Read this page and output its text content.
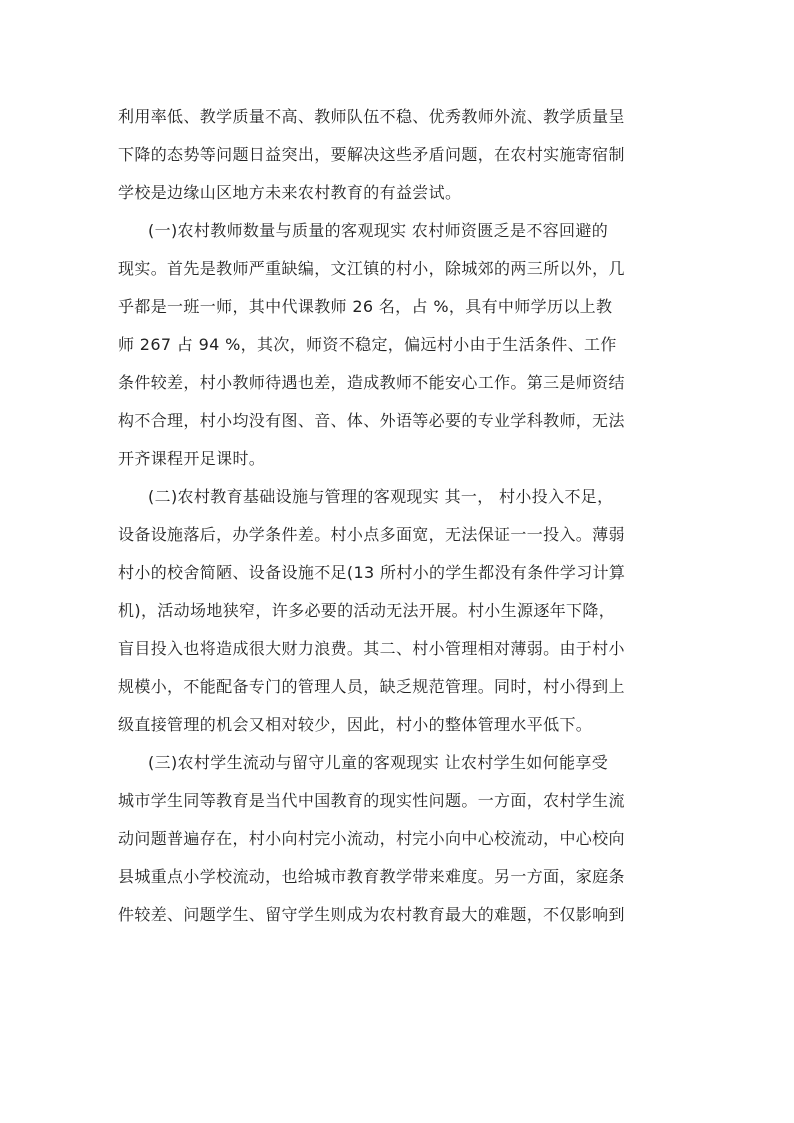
利用率低、教学质量不高、教师队伍不稳、优秀教师外流、教学质量呈
下降的态势等问题日益突出，要解决这些矛盾问题，在农村实施寄宿制
学校是边缘山区地方未来农村教育的有益尝试。
(一)农村教师数量与质量的客观现实 农村师资匮乏是不容回避的
现实。首先是教师严重缺编，文江镇的村小，除城郊的两三所以外，几
乎都是一班一师，其中代课教师 26 名，占 %，具有中师学历以上教
师 267 占 94 %，其次，师资不稳定，偏远村小由于生活条件、工作
条件较差，村小教师待遇也差，造成教师不能安心工作。第三是师资结
构不合理，村小均没有图、音、体、外语等必要的专业学科教师，无法
开齐课程开足课时。
(二)农村教育基础设施与管理的客观现实 其一， 村小投入不足，
设备设施落后，办学条件差。村小点多面宽，无法保证一一投入。薄弱
村小的校舍简陋、设备设施不足(13 所村小的学生都没有条件学习计算
机)，活动场地狭窄，许多必要的活动无法开展。村小生源逐年下降，
盲目投入也将造成很大财力浪费。其二、村小管理相对薄弱。由于村小
规模小，不能配备专门的管理人员，缺乏规范管理。同时，村小得到上
级直接管理的机会又相对较少，因此，村小的整体管理水平低下。
(三)农村学生流动与留守儿童的客观现实 让农村学生如何能享受
城市学生同等教育是当代中国教育的现实性问题。一方面，农村学生流
动问题普遍存在，村小向村完小流动，村完小向中心校流动，中心校向
县城重点小学校流动，也给城市教育教学带来难度。另一方面，家庭条
件较差、问题学生、留守学生则成为农村教育最大的难题，不仅影响到
